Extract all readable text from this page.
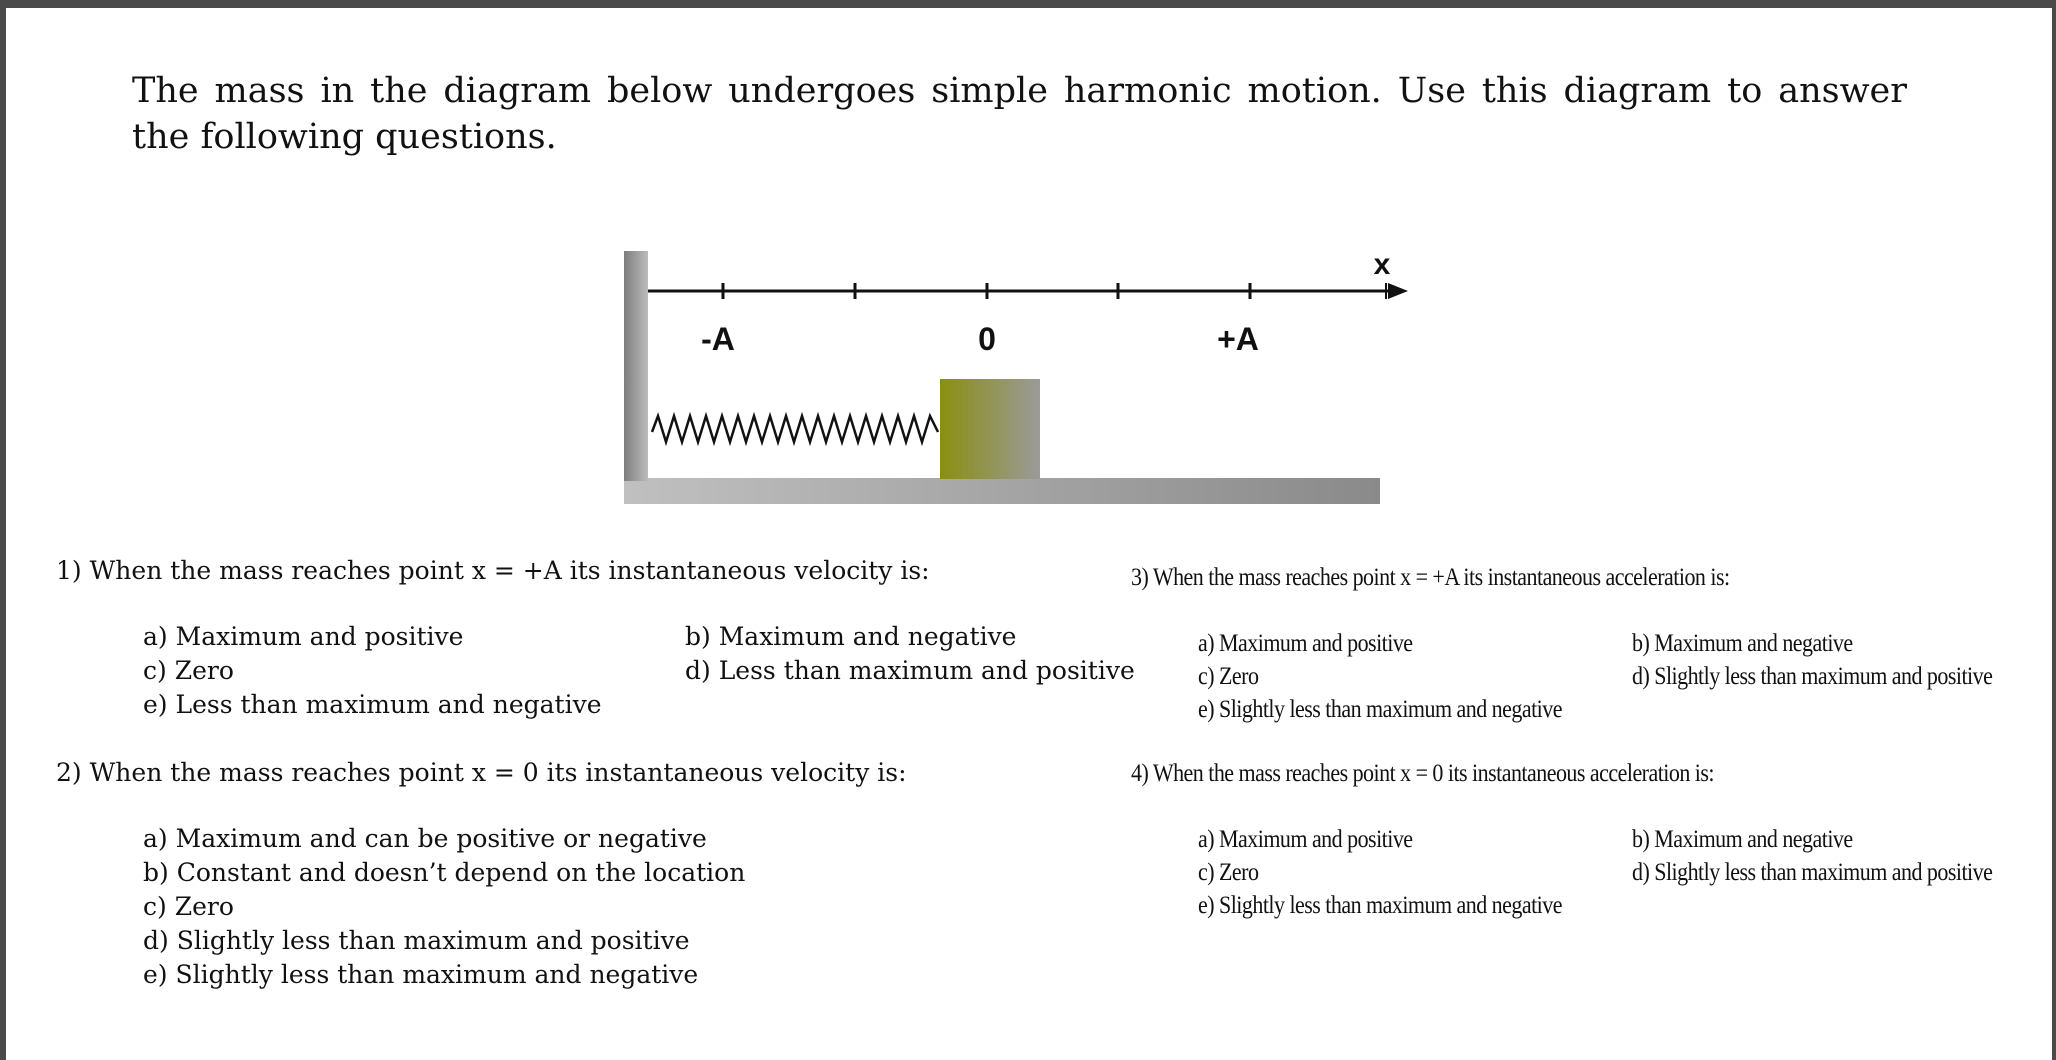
The mass in the diagram below undergoes simple harmonic motion. Use this diagram to answer the following questions.
x
-A	0	+A
1) When the mass reaches point x = +A its instantaneous velocity is:
a) Maximum and positive	b) Maximum and negative
c) Zero	d) Less than maximum and positive
e) Less than maximum and negative
2) When the mass reaches point x = 0 its instantaneous velocity is:
a) Maximum and can be positive or negative
b) Constant and doesn’t depend on the location
c) Zero
d) Slightly less than maximum and positive
e) Slightly less than maximum and negative
3) When the mass reaches point x = +A its instantaneous acceleration is:
a) Maximum and positive	b) Maximum and negative
c) Zero	d) Slightly less than maximum and positive
e) Slightly less than maximum and negative
4) When the mass reaches point x = 0 its instantaneous acceleration is:
a) Maximum and positive	b) Maximum and negative
c) Zero	d) Slightly less than maximum and positive
e) Slightly less than maximum and negative
